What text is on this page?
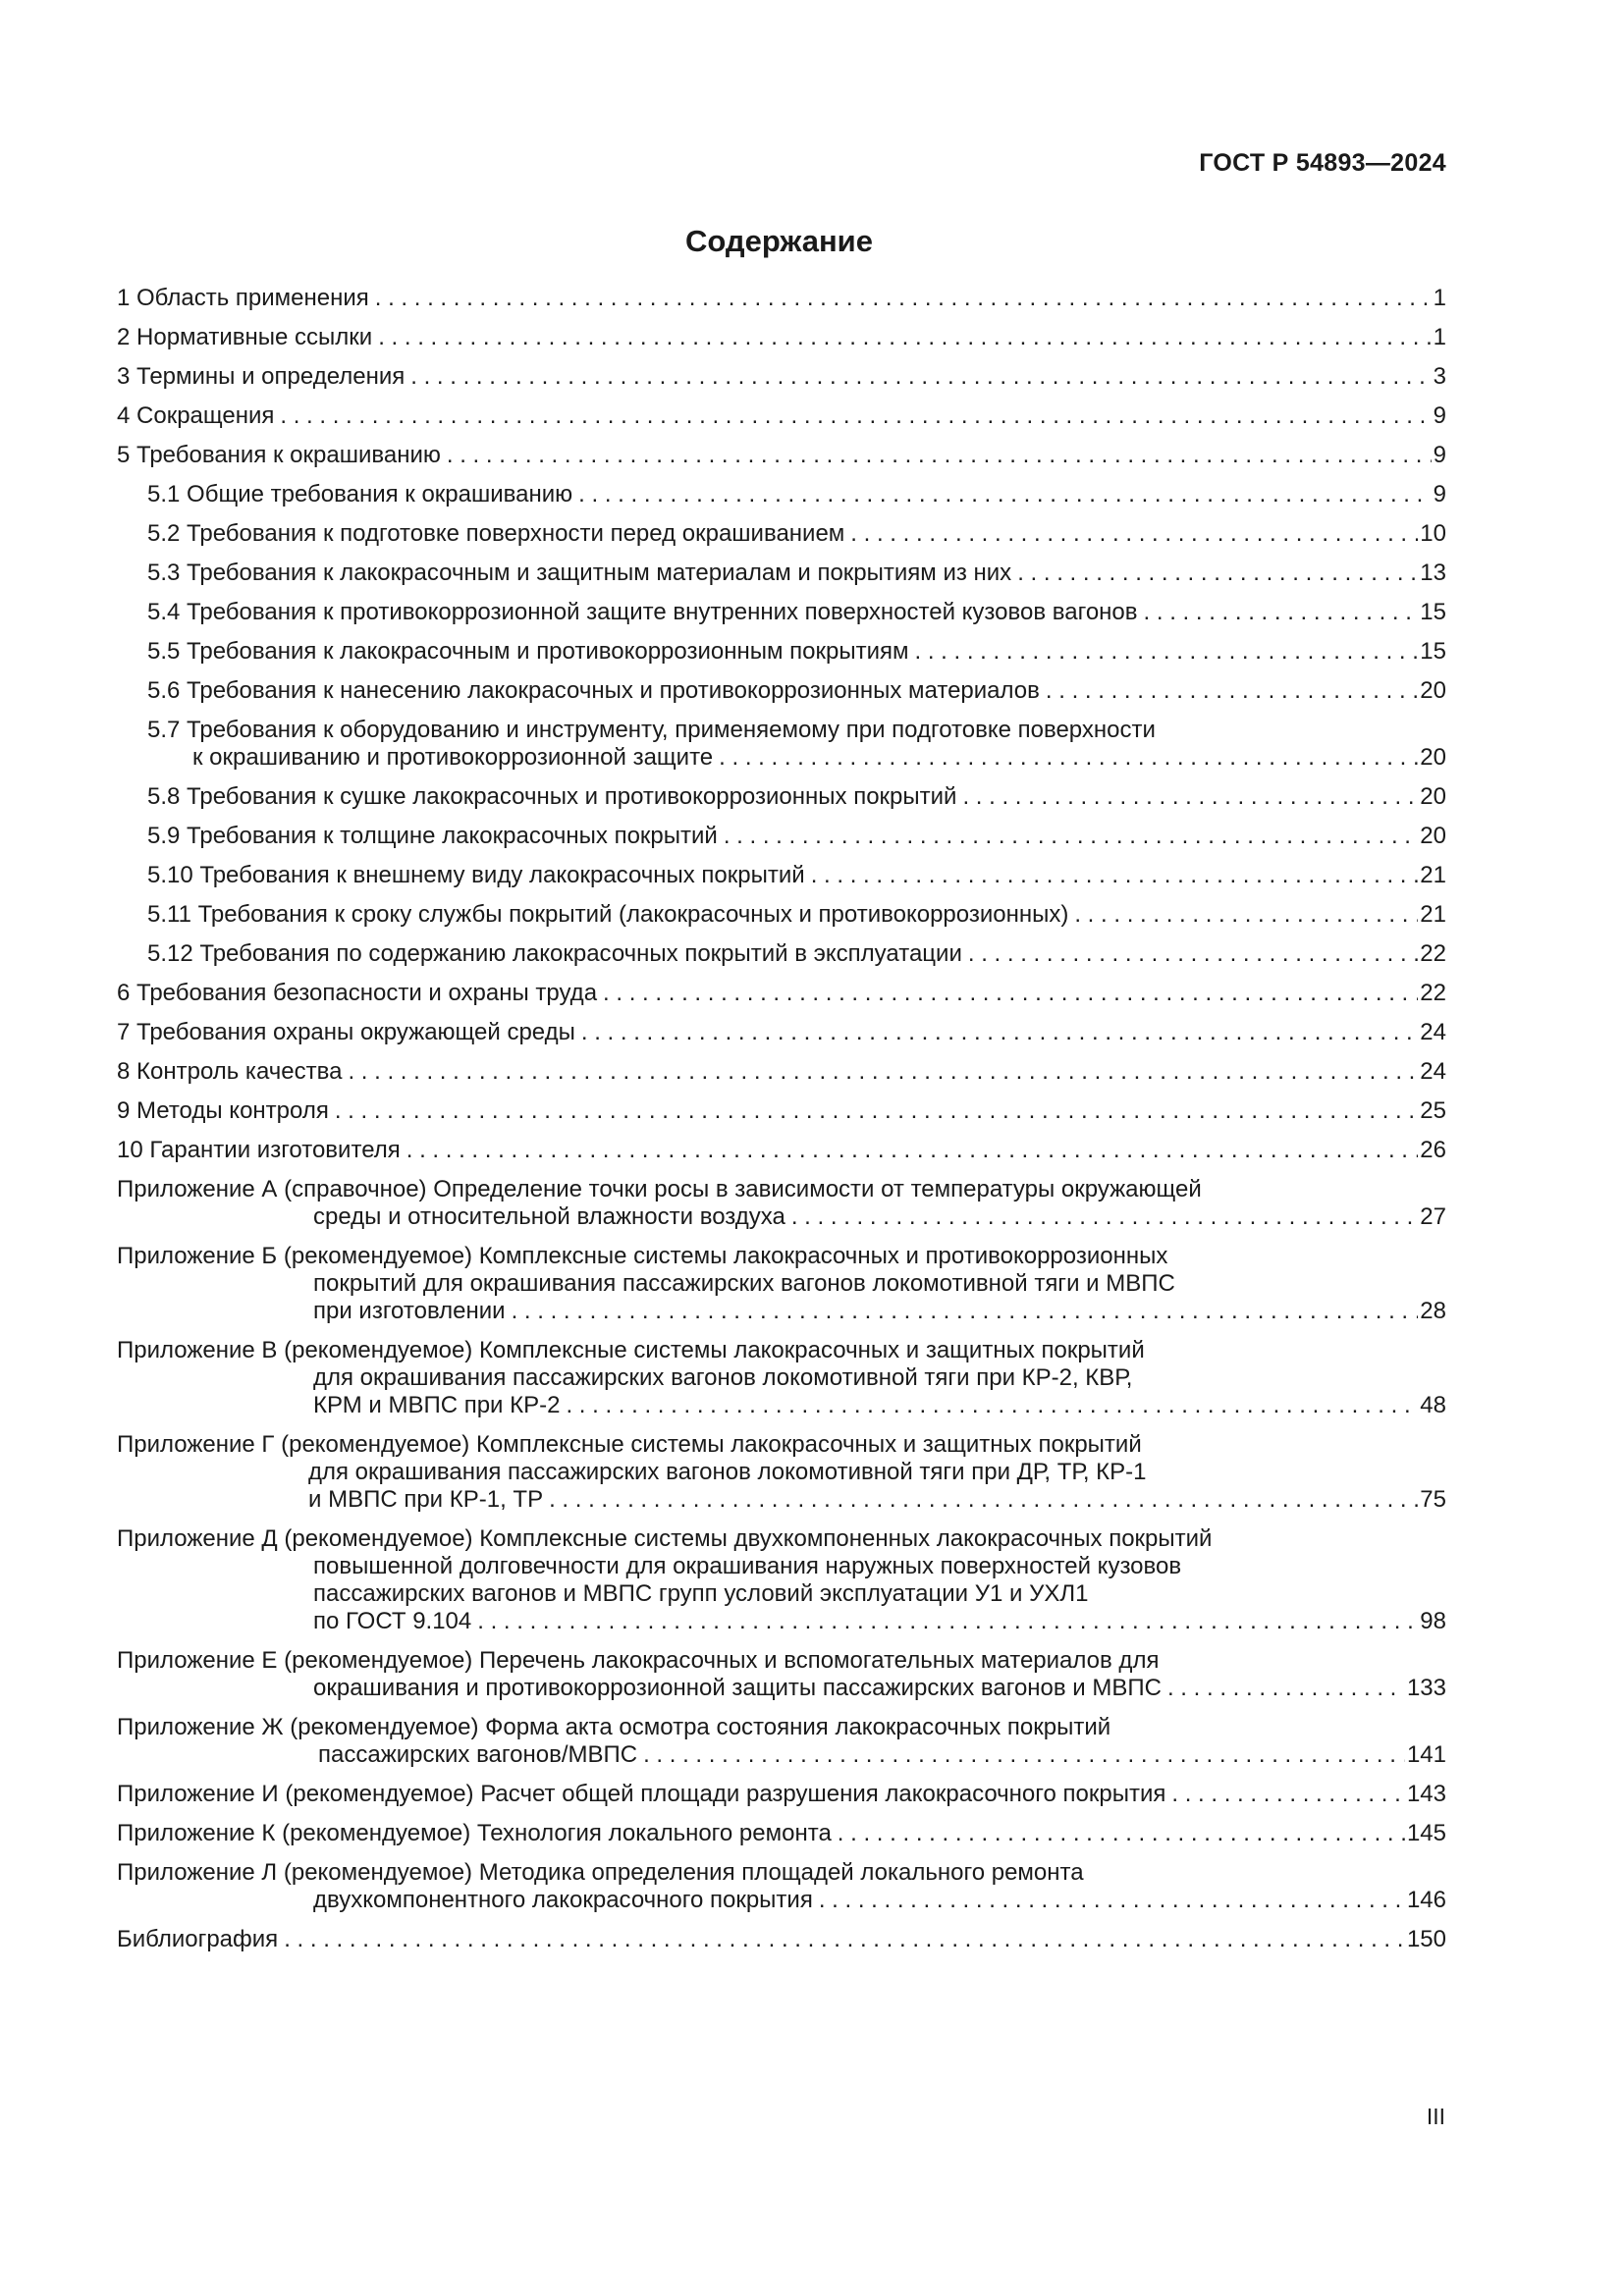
ГОСТ Р 54893—2024
Содержание
1 Область применения . . .	1
2 Нормативные ссылки . . .	1
3 Термины и определения . . .	3
4 Сокращения . . .	9
5 Требования к окрашиванию . . .	9
5.1 Общие требования к окрашиванию . . .	9
5.2 Требования к подготовке поверхности перед окрашиванием . . .	10
5.3 Требования к лакокрасочным и защитным материалам и покрытиям из них . . .	13
5.4 Требования к противокоррозионной защите внутренних поверхностей кузовов вагонов . . .	15
5.5 Требования к лакокрасочным и противокоррозионным покрытиям . . .	15
5.6 Требования к нанесению лакокрасочных и противокоррозионных материалов . . .	20
5.7 Требования к оборудованию и инструменту, применяемому при подготовке поверхности
к окрашиванию и противокоррозионной защите . . .	20
5.8 Требования к сушке лакокрасочных и противокоррозионных покрытий . . .	20
5.9 Требования к толщине лакокрасочных покрытий . . .	20
5.10 Требования к внешнему виду лакокрасочных покрытий . . .	21
5.11 Требования к сроку службы покрытий (лакокрасочных и противокоррозионных) . . .	21
5.12 Требования по содержанию лакокрасочных покрытий в эксплуатации . . .	22
6 Требования безопасности и охраны труда . . .	22
7 Требования охраны окружающей среды . . .	24
8 Контроль качества . . .	24
9 Методы контроля . . .	25
10 Гарантии изготовителя . . .	26
Приложение А (справочное) Определение точки росы в зависимости от температуры окружающей
среды и относительной влажности воздуха . . .	27
Приложение Б (рекомендуемое) Комплексные системы лакокрасочных и противокоррозионных
покрытий для окрашивания пассажирских вагонов локомотивной тяги и МВПС
при изготовлении . . .	28
Приложение В (рекомендуемое) Комплексные системы лакокрасочных и защитных покрытий
для окрашивания пассажирских вагонов локомотивной тяги при КР-2, КВР,
КРМ и МВПС при КР-2 . . .	48
Приложение Г (рекомендуемое) Комплексные системы лакокрасочных и защитных покрытий
для окрашивания пассажирских вагонов локомотивной тяги при ДР, ТР, КР-1
и МВПС при КР-1, ТР . . .	75
Приложение Д (рекомендуемое) Комплексные системы двухкомпоненных лакокрасочных покрытий
повышенной долговечности для окрашивания наружных поверхностей кузовов
пассажирских вагонов и МВПС групп условий эксплуатации У1 и УХЛ1
по ГОСТ 9.104 . . .	98
Приложение Е (рекомендуемое) Перечень лакокрасочных и вспомогательных материалов для
окрашивания и противокоррозионной защиты пассажирских вагонов и МВПС . . .	133
Приложение Ж (рекомендуемое) Форма акта осмотра состояния лакокрасочных покрытий
пассажирских вагонов/МВПС . . .	141
Приложение И (рекомендуемое) Расчет общей площади разрушения лакокрасочного покрытия . . .	143
Приложение К (рекомендуемое) Технология локального ремонта . . .	145
Приложение Л (рекомендуемое) Методика определения площадей локального ремонта
двухкомпонентного лакокрасочного покрытия . . .	146
Библиография . . .	150
III
